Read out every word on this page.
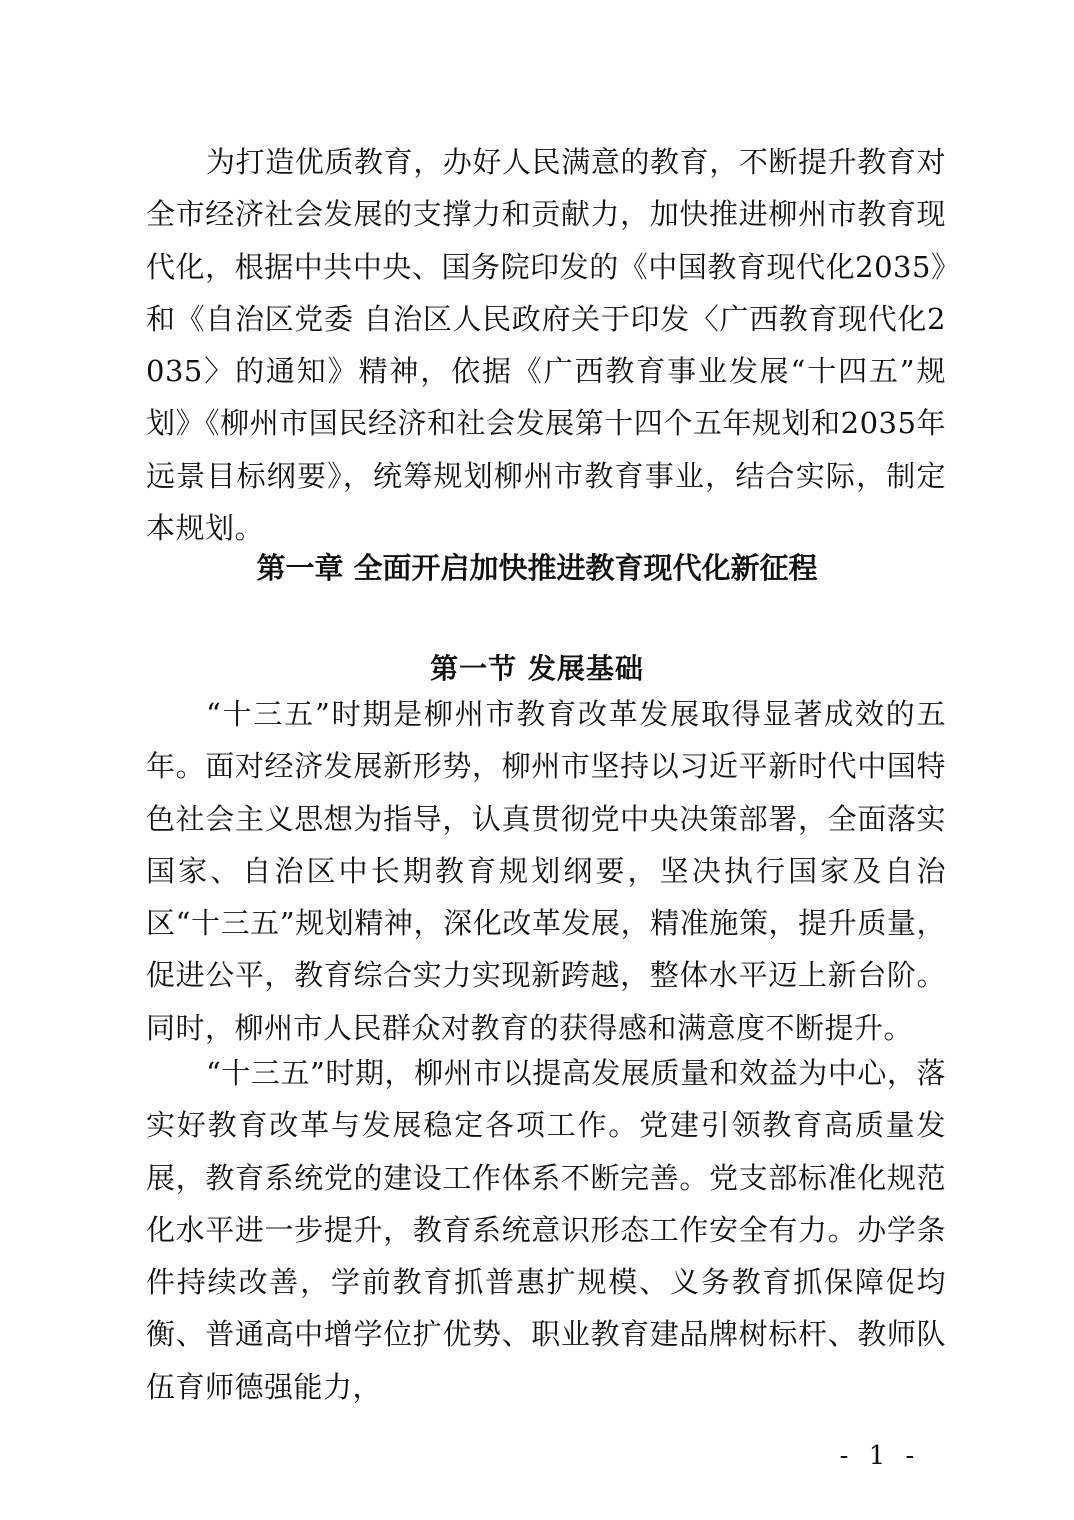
为打造优质教育，办好人民满意的教育，不断提升教育对全市经济社会发展的支撑力和贡献力，加快推进柳州市教育现代化，根据中共中央、国务院印发的《中国教育现代化2035》和《自治区党委 自治区人民政府关于印发〈广西教育现代化2035〉的通知》精神，依据《广西教育事业发展“十四五”规划》《柳州市国民经济和社会发展第十四个五年规划和2035年远景目标纲要》，统筹规划柳州市教育事业，结合实际，制定本规划。

第一章 全面开启加快推进教育现代化新征程
第一节 发展基础

“十三五”时期是柳州市教育改革发展取得显著成效的五年。面对经济发展新形势，柳州市坚持以习近平新时代中国特色社会主义思想为指导，认真贯彻党中央决策部署，全面落实国家、自治区中长期教育规划纲要，坚决执行国家及自治区“十三五”规划精神，深化改革发展，精准施策，提升质量，促进公平，教育综合实力实现新跨越，整体水平迈上新台阶。同时，柳州市人民群众对教育的获得感和满意度不断提升。

“十三五”时期，柳州市以提高发展质量和效益为中心，落实好教育改革与发展稳定各项工作。党建引领教育高质量发展，教育系统党的建设工作体系不断完善。党支部标准化规范化水平进一步提升，教育系统意识形态工作安全有力。办学条件持续改善，学前教育抓普惠扩规模、义务教育抓保障促均衡、普通高中增学位扩优势、职业教育建品牌树标杆、教师队伍育师德强能力，

- 1 -
